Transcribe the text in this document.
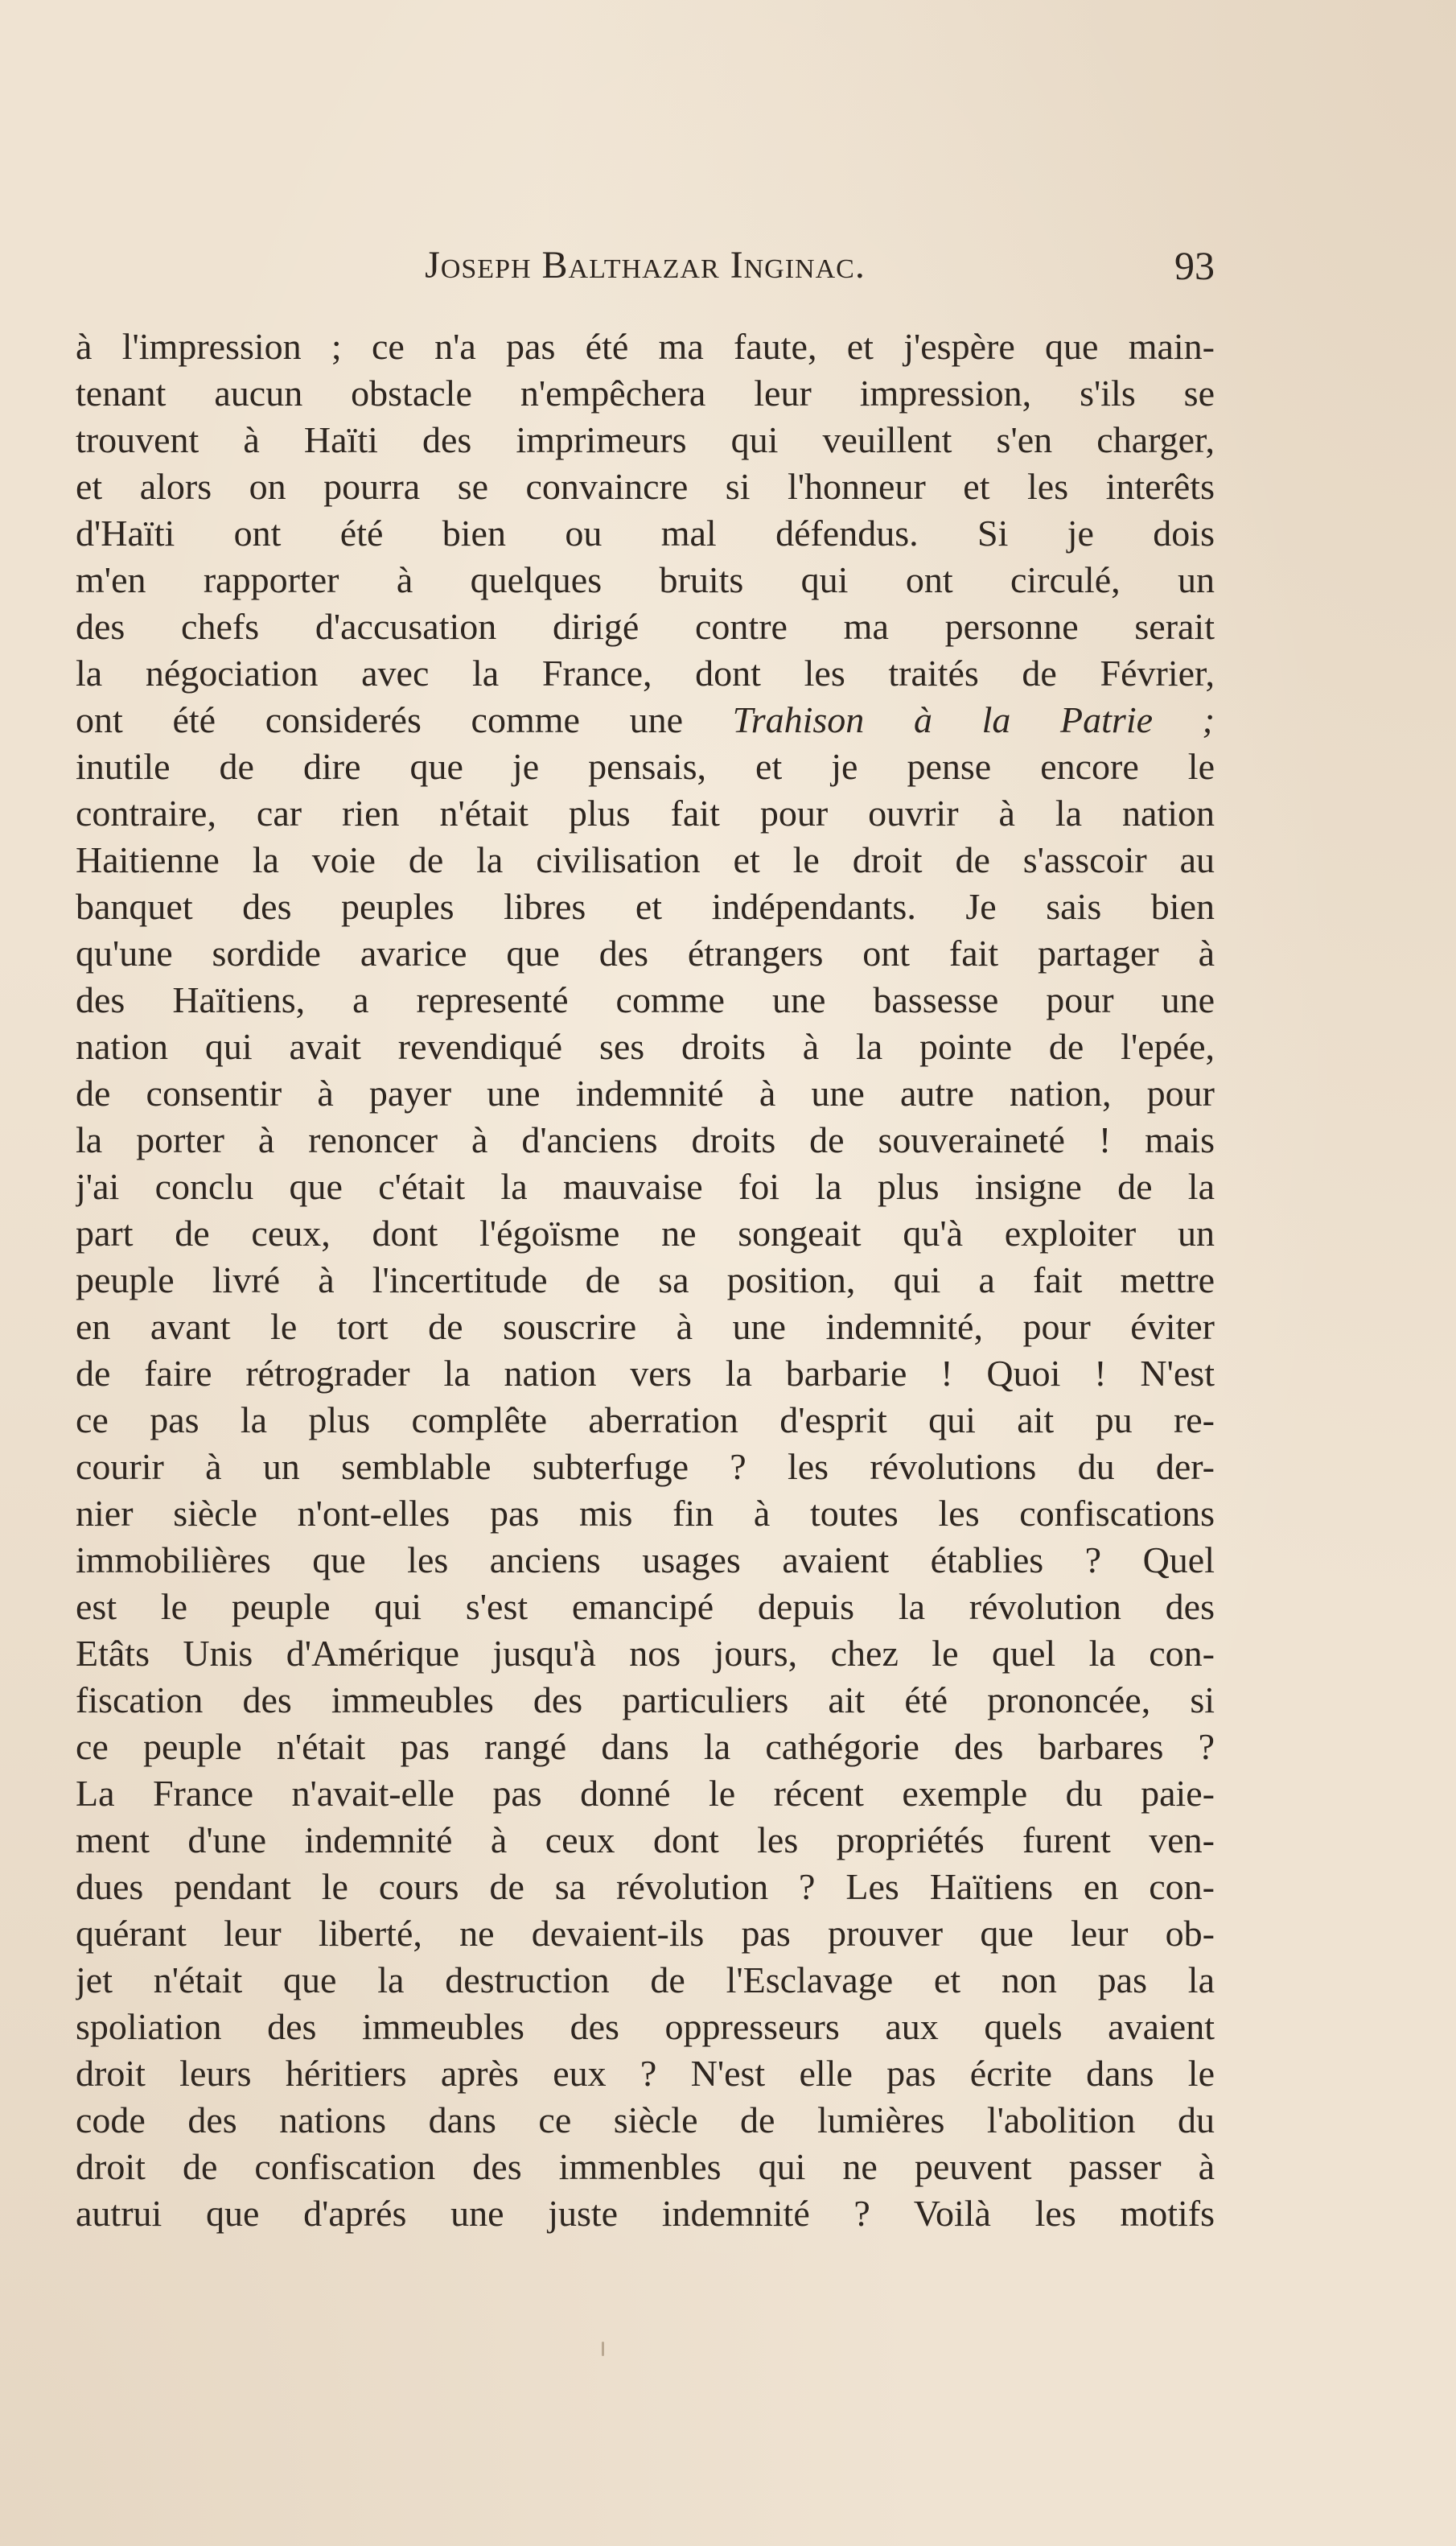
Joseph Balthazar Inginac.	93
à l'impression ; ce n'a pas été ma faute, et j'espère que main-
tenant aucun obstacle n'empêchera leur impression, s'ils se
trouvent à Haïti des imprimeurs qui veuillent s'en charger,
et alors on pourra se convaincre si l'honneur et les interêts
d'Haïti ont été bien ou mal défendus. Si je dois
m'en rapporter à quelques bruits qui ont circulé, un
des chefs d'accusation dirigé contre ma personne serait
la négociation avec la France, dont les traités de Février,
ont été considerés comme une Trahison à la Patrie ;
inutile de dire que je pensais, et je pense encore le
contraire, car rien n'était plus fait pour ouvrir à la nation
Haitienne la voie de la civilisation et le droit de s'asscoir au
banquet des peuples libres et indépendants. Je sais bien
qu'une sordide avarice que des étrangers ont fait partager à
des Haïtiens, a representé comme une bassesse pour une
nation qui avait revendiqué ses droits à la pointe de l'epée,
de consentir à payer une indemnité à une autre nation, pour
la porter à renoncer à d'anciens droits de souveraineté ! mais
j'ai conclu que c'était la mauvaise foi la plus insigne de la
part de ceux, dont l'égoïsme ne songeait qu'à exploiter un
peuple livré à l'incertitude de sa position, qui a fait mettre
en avant le tort de souscrire à une indemnité, pour éviter
de faire rétrograder la nation vers la barbarie ! Quoi ! N'est
ce pas la plus complête aberration d'esprit qui ait pu re-
courir à un semblable subterfuge ? les révolutions du der-
nier siècle n'ont-elles pas mis fin à toutes les confiscations
immobilières que les anciens usages avaient établies ? Quel
est le peuple qui s'est emancipé depuis la révolution des
Etâts Unis d'Amérique jusqu'à nos jours, chez le quel la con-
fiscation des immeubles des particuliers ait été prononcée, si
ce peuple n'était pas rangé dans la cathégorie des barbares ?
La France n'avait-elle pas donné le récent exemple du paie-
ment d'une indemnité à ceux dont les propriétés furent ven-
dues pendant le cours de sa révolution ? Les Haïtiens en con-
quérant leur liberté, ne devaient-ils pas prouver que leur ob-
jet n'était que la destruction de l'Esclavage et non pas la
spoliation des immeubles des oppresseurs aux quels avaient
droit leurs héritiers après eux ? N'est elle pas écrite dans le
code des nations dans ce siècle de lumières l'abolition du
droit de confiscation des immenbles qui ne peuvent passer à
autrui que d'aprés une juste indemnité ? Voilà les motifs
